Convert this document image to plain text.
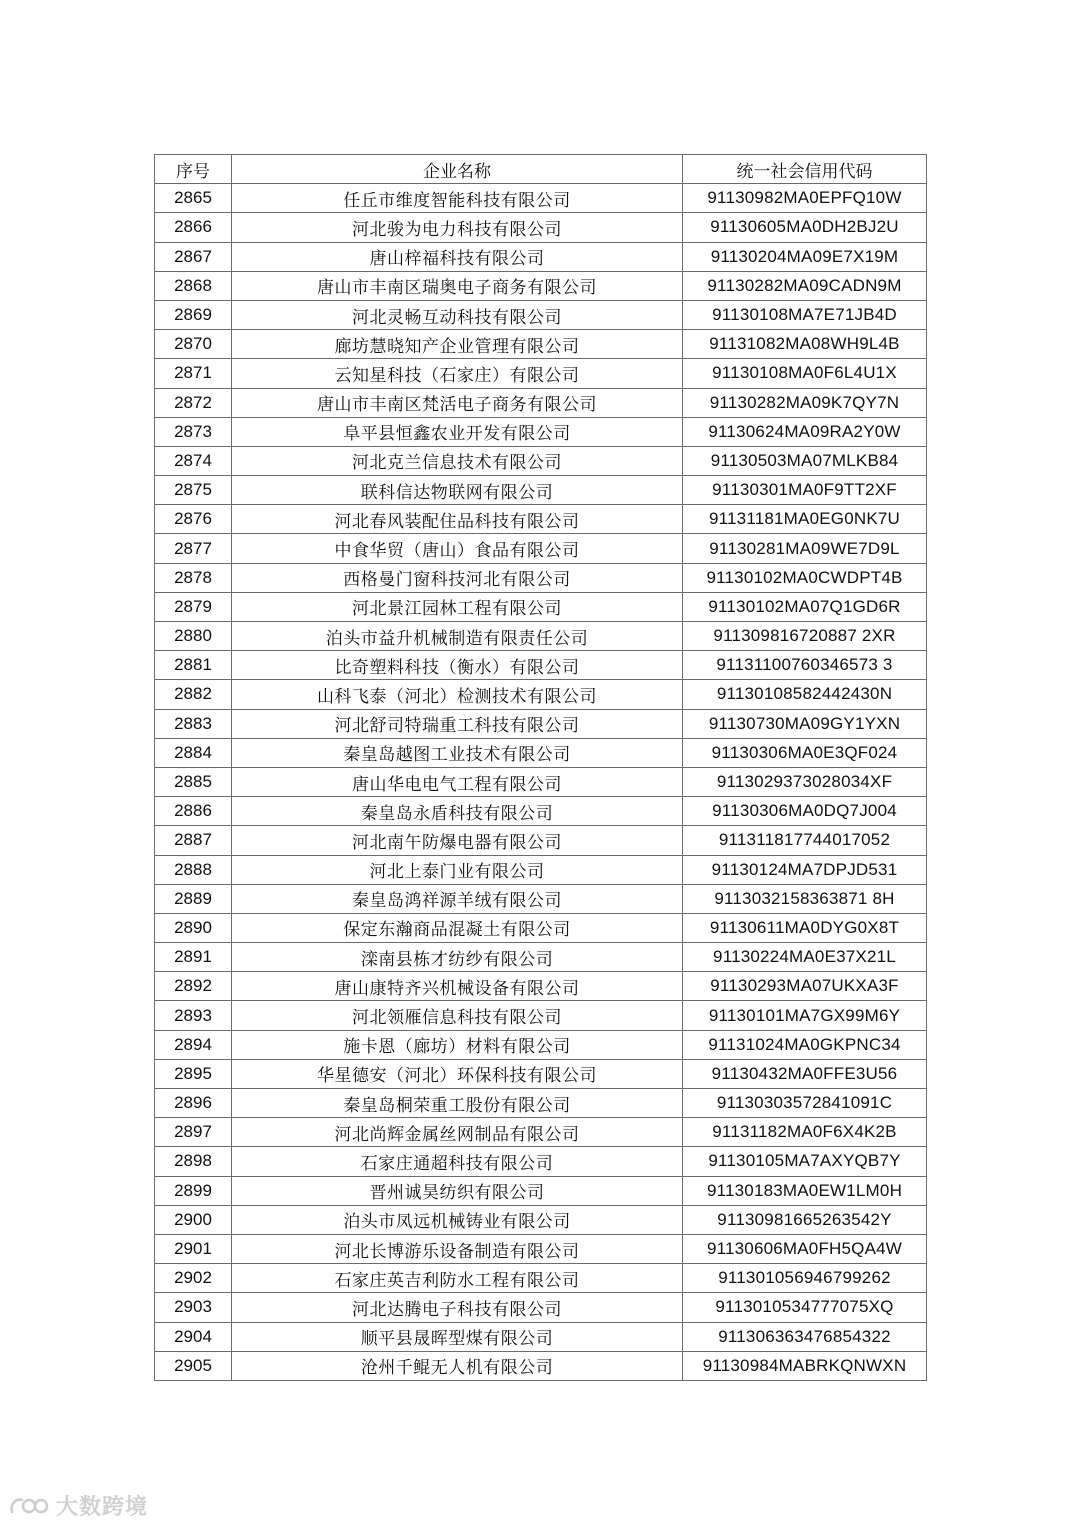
序号	企业名称	统一社会信用代码
2865	任丘市维度智能科技有限公司	91130982MA0EPFQ10W
2866	河北骏为电力科技有限公司	91130605MA0DH2BJ2U
2867	唐山梓福科技有限公司	91130204MA09E7X19M
2868	唐山市丰南区瑞奥电子商务有限公司	91130282MA09CADN9M
2869	河北灵畅互动科技有限公司	91130108MA7E71JB4D
2870	廊坊慧晓知产企业管理有限公司	91131082MA08WH9L4B
2871	云知星科技（石家庄）有限公司	91130108MA0F6L4U1X
2872	唐山市丰南区梵活电子商务有限公司	91130282MA09K7QY7N
2873	阜平县恒鑫农业开发有限公司	91130624MA09RA2Y0W
2874	河北克兰信息技术有限公司	91130503MA07MLKB84
2875	联科信达物联网有限公司	91130301MA0F9TT2XF
2876	河北春风装配住品科技有限公司	91131181MA0EG0NK7U
2877	中食华贸（唐山）食品有限公司	91130281MA09WE7D9L
2878	西格曼门窗科技河北有限公司	91130102MA0CWDPT4B
2879	河北景江园林工程有限公司	91130102MA07Q1GD6R
2880	泊头市益升机械制造有限责任公司	911309816720887 2XR
2881	比奇塑料科技（衡水）有限公司	91131100760346573 3
2882	山科飞泰（河北）检测技术有限公司	91130108582442430N
2883	河北舒司特瑞重工科技有限公司	91130730MA09GY1YXN
2884	秦皇岛越图工业技术有限公司	91130306MA0E3QF024
2885	唐山华电电气工程有限公司	9113029373028034XF
2886	秦皇岛永盾科技有限公司	91130306MA0DQ7J004
2887	河北南午防爆电器有限公司	911311817744017052
2888	河北上泰门业有限公司	91130124MA7DPJD531
2889	秦皇岛鸿祥源羊绒有限公司	9113032158363871 8H
2890	保定东瀚商品混凝土有限公司	91130611MA0DYG0X8T
2891	滦南县栋才纺纱有限公司	91130224MA0E37X21L
2892	唐山康特齐兴机械设备有限公司	91130293MA07UKXA3F
2893	河北领雁信息科技有限公司	91130101MA7GX99M6Y
2894	施卡恩（廊坊）材料有限公司	91131024MA0GKPNC34
2895	华星德安（河北）环保科技有限公司	91130432MA0FFE3U56
2896	秦皇岛桐荣重工股份有限公司	91130303572841091C
2897	河北尚辉金属丝网制品有限公司	91131182MA0F6X4K2B
2898	石家庄通超科技有限公司	91130105MA7AXYQB7Y
2899	晋州诚昊纺织有限公司	91130183MA0EW1LM0H
2900	泊头市凤远机械铸业有限公司	91130981665263542Y
2901	河北长博游乐设备制造有限公司	91130606MA0FH5QA4W
2902	石家庄英吉利防水工程有限公司	911301056946799262
2903	河北达腾电子科技有限公司	9113010534777075XQ
2904	顺平县晟晖型煤有限公司	911306363476854322
2905	沧州千鲲无人机有限公司	91130984MABRKQNWXN
大数跨境
